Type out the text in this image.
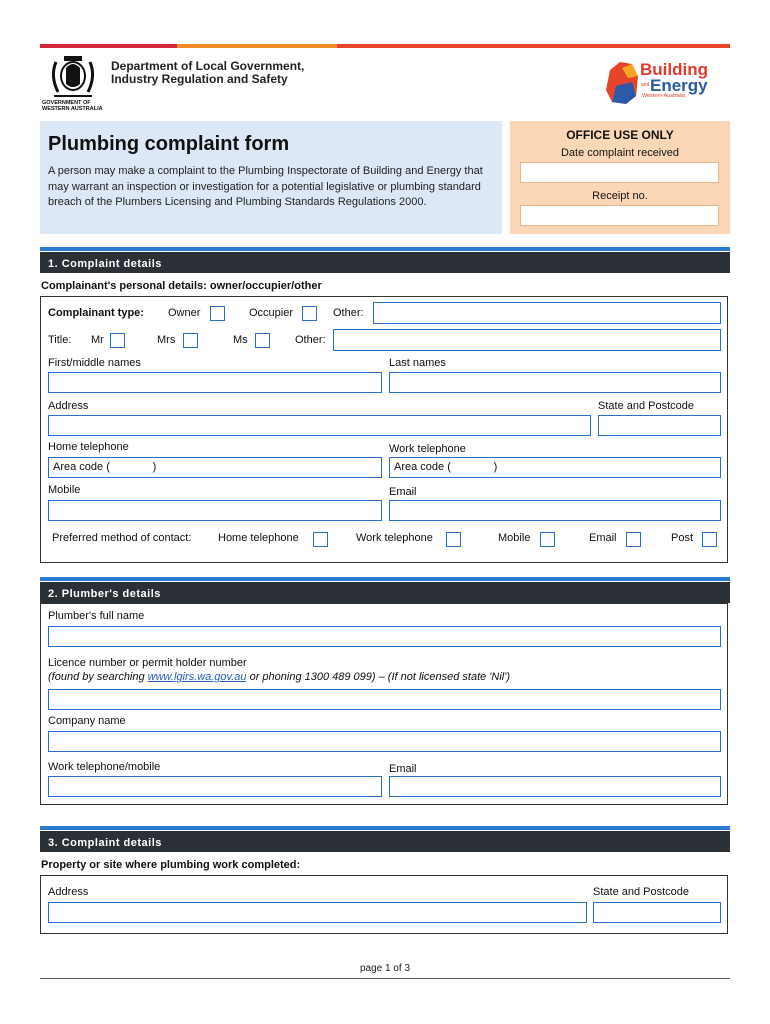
Department of Local Government,
Industry Regulation and Safety
GOVERNMENT OF
WESTERN AUSTRALIA
Building
and Energy
Western Australia
Plumbing complaint form
A person may make a complaint to the Plumbing Inspectorate of Building and Energy that may warrant an inspection or investigation for a potential legislative or plumbing standard breach of the Plumbers Licensing and Plumbing Standards Regulations 2000.
OFFICE USE ONLY
Date complaint received
Receipt no.
1. Complaint details
Complainant's personal details: owner/occupier/other
Complainant type: Owner	Occupier	Other:
Title: Mr	Mrs	Ms	Other:
First/middle names	Last names
Address	State and Postcode
Home telephone	Work telephone
Area code (              )	Area code (              )
Mobile	Email
Preferred method of contact: Home telephone	Work telephone	Mobile	Email	Post
2. Plumber's details
Plumber's full name
Licence number or permit holder number
(found by searching www.lgirs.wa.gov.au or phoning 1300 489 099) – (If not licensed state 'Nil')
Company name
Work telephone/mobile	Email
3. Complaint details
Property or site where plumbing work completed:
Address	State and Postcode
page 1 of 3
